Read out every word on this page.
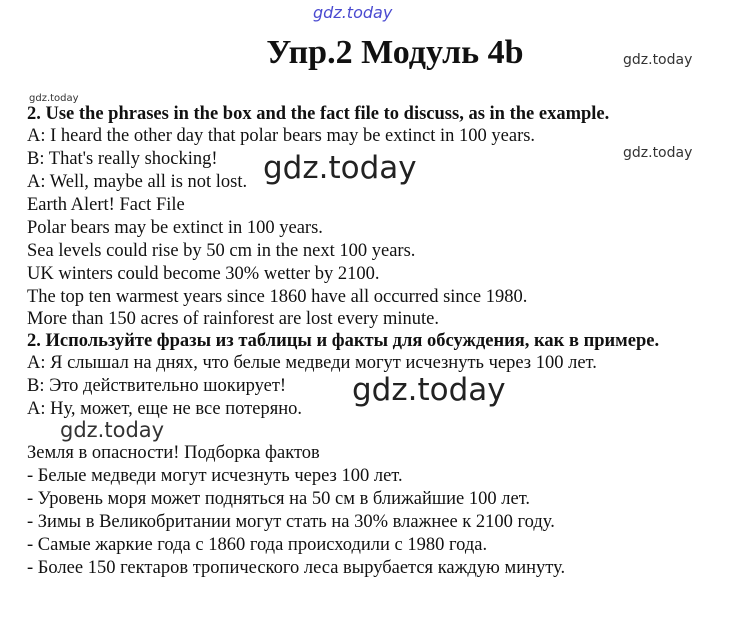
gdz.today
gdz.today
gdz.today
gdz.today
gdz.today
gdz.today
gdz.today
Упр.2 Модуль 4b
2. Use the phrases in the box and the fact file to discuss, as in the example.
A: I heard the other day that polar bears may be extinct in 100 years.
B: That's really shocking!
A: Well, maybe all is not lost.
Earth Alert! Fact File
Polar bears may be extinct in 100 years.
Sea levels could rise by 50 cm in the next 100 years.
UK winters could become 30% wetter by 2100.
The top ten warmest years since 1860 have all occurred since 1980.
More than 150 acres of rainforest are lost every minute.
2. Используйте фразы из таблицы и факты для обсуждения, как в примере.
A: Я слышал на днях, что белые медведи могут исчезнуть через 100 лет.
B: Это действительно шокирует!
A: Ну, может, еще не все потеряно.
Земля в опасности! Подборка фактов
- Белые медведи могут исчезнуть через 100 лет.
- Уровень моря может подняться на 50 см в ближайшие 100 лет.
- Зимы в Великобритании могут стать на 30% влажнее к 2100 году.
- Самые жаркие года с 1860 года происходили с 1980 года.
- Более 150 гектаров тропического леса вырубается каждую минуту.
